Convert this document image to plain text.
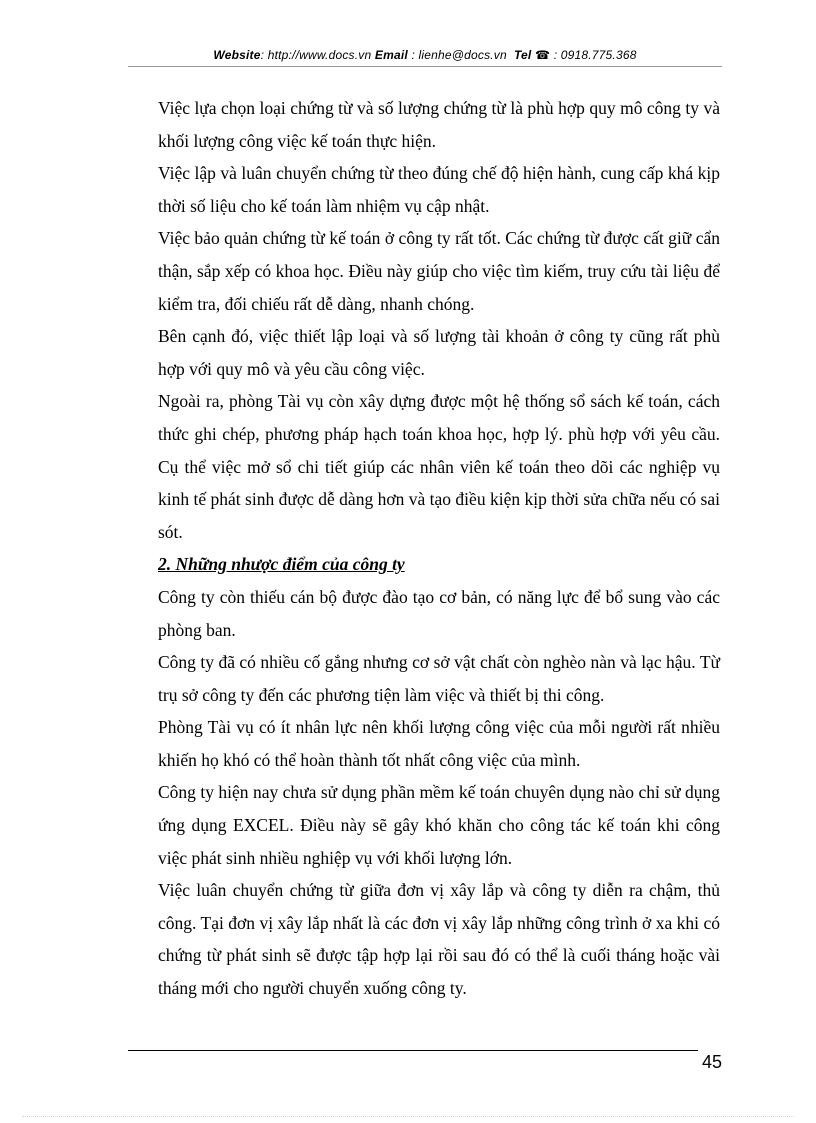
Website: http://www.docs.vn Email : lienhe@docs.vn Tel ☎ : 0918.775.368

Việc lựa chọn loại chứng từ và số lượng chứng từ là phù hợp quy mô công ty và khối lượng công việc kế toán thực hiện.

Việc lập và luân chuyển chứng từ theo đúng chế độ hiện hành, cung cấp khá kịp thời số liệu cho kế toán làm nhiệm vụ cập nhật.

Việc bảo quản chứng từ kế toán ở công ty rất tốt. Các chứng từ được cất giữ cẩn thận, sắp xếp có khoa học. Điều này giúp cho việc tìm kiếm, truy cứu tài liệu để kiểm tra, đối chiếu rất dễ dàng, nhanh chóng.

Bên cạnh đó, việc thiết lập loại và số lượng tài khoản ở công ty cũng rất phù hợp với quy mô và yêu cầu công việc.

Ngoài ra, phòng Tài vụ còn xây dựng được một hệ thống sổ sách kế toán, cách thức ghi chép, phương pháp hạch toán khoa học, hợp lý. phù hợp với yêu cầu. Cụ thể việc mở sổ chi tiết giúp các nhân viên kế toán theo dõi các nghiệp vụ kinh tế phát sinh được dễ dàng hơn và tạo điều kiện kịp thời sửa chữa nếu có sai sót.

2. Những nhược điểm của công ty

Công ty còn thiếu cán bộ được đào tạo cơ bản, có năng lực để bổ sung vào các phòng ban.

Công ty đã có nhiều cố gắng nhưng cơ sở vật chất còn nghèo nàn và lạc hậu. Từ trụ sở công ty đến các phương tiện làm việc và thiết bị thi công.

Phòng Tài vụ có ít nhân lực nên khối lượng công việc của mỗi người rất nhiều khiến họ khó có thể hoàn thành tốt nhất công việc của mình.

Công ty hiện nay chưa sử dụng phần mềm kế toán chuyên dụng nào chỉ sử dụng ứng dụng EXCEL. Điều này sẽ gây khó khăn cho công tác kế toán khi công việc phát sinh nhiều nghiệp vụ với khối lượng lớn.

Việc luân chuyển chứng từ giữa đơn vị xây lắp và công ty diễn ra chậm, thủ công. Tại đơn vị xây lắp nhất là các đơn vị xây lắp những công trình ở xa khi có chứng từ phát sinh sẽ được tập hợp lại rồi sau đó có thể là cuối tháng hoặc vài tháng mới cho người chuyển xuống công ty.

45
